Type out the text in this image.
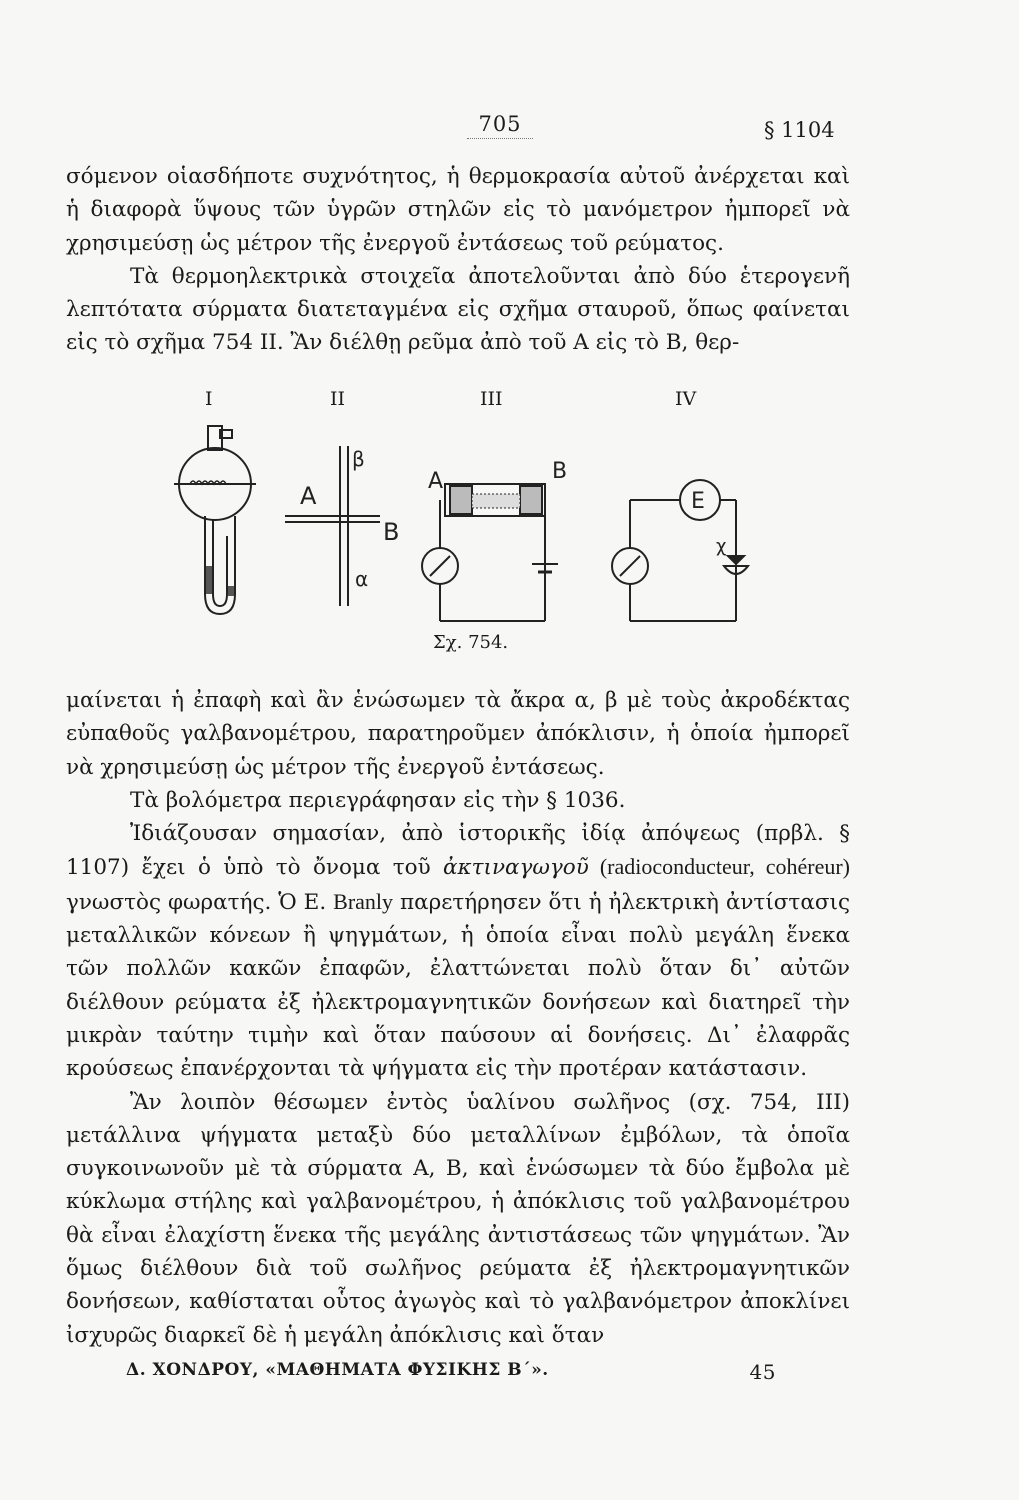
705	§ 1104

σόμενον οἱασδήποτε συχνότητος, ἡ θερμοκρασία αὐτοῦ ἀνέρχεται καὶ ἡ διαφορὰ ὕψους τῶν ὑγρῶν στηλῶν εἰς τὸ μανόμετρον ἠμπορεῖ νὰ χρησιμεύσῃ ὡς μέτρον τῆς ἐνεργοῦ ἐντάσεως τοῦ ρεύματος.

Τὰ θερμοηλεκτρικὰ στοιχεῖα ἀποτελοῦνται ἀπὸ δύο ἑτερογενῆ λεπτότατα σύρματα διατεταγμένα εἰς σχῆμα σταυροῦ, ὅπως φαίνεται εἰς τὸ σχῆμα 754 ΙΙ. Ἂν διέλθῃ ρεῦμα ἀπὸ τοῦ Α εἰς τὸ Β, θερ-

I	II	III	IV
β
A
B
α
A	B
E
χ
Σχ. 754.

μαίνεται ἡ ἐπαφὴ καὶ ἂν ἑνώσωμεν τὰ ἄκρα α, β μὲ τοὺς ἀκροδέκτας εὐπαθοῦς γαλβανομέτρου, παρατηροῦμεν ἀπόκλισιν, ἡ ὁποία ἠμπορεῖ νὰ χρησιμεύσῃ ὡς μέτρον τῆς ἐνεργοῦ ἐντάσεως.

Τὰ βολόμετρα περιεγράφησαν εἰς τὴν § 1036.

Ἰδιάζουσαν σημασίαν, ἀπὸ ἱστορικῆς ἰδίᾳ ἀπόψεως (πρβλ. § 1107) ἔχει ὁ ὑπὸ τὸ ὄνομα τοῦ ἀκτιναγωγοῦ (radioconducteur, cohéreur) γνωστὸς φωρατής. Ὁ Ε. Branly παρετήρησεν ὅτι ἡ ἠλεκτρικὴ ἀντίστασις μεταλλικῶν κόνεων ἢ ψηγμάτων, ἡ ὁποία εἶναι πολὺ μεγάλη ἕνεκα τῶν πολλῶν κακῶν ἐπαφῶν, ἐλαττώνεται πολὺ ὅταν δι᾽ αὐτῶν διέλθουν ρεύματα ἐξ ἠλεκτρομαγνητικῶν δονήσεων καὶ διατηρεῖ τὴν μικρὰν ταύτην τιμὴν καὶ ὅταν παύσουν αἱ δονήσεις. Δι᾽ ἐλαφρᾶς κρούσεως ἐπανέρχονται τὰ ψήγματα εἰς τὴν προτέραν κατάστασιν.

Ἂν λοιπὸν θέσωμεν ἐντὸς ὑαλίνου σωλῆνος (σχ. 754, ΙΙΙ) μετάλλινα ψήγματα μεταξὺ δύο μεταλλίνων ἐμβόλων, τὰ ὁποῖα συγκοινωνοῦν μὲ τὰ σύρματα Α, Β, καὶ ἑνώσωμεν τὰ δύο ἔμβολα μὲ κύκλωμα στήλης καὶ γαλβανομέτρου, ἡ ἀπόκλισις τοῦ γαλβανομέτρου θὰ εἶναι ἐλαχίστη ἕνεκα τῆς μεγάλης ἀντιστάσεως τῶν ψηγμάτων. Ἂν ὅμως διέλθουν διὰ τοῦ σωλῆνος ρεύματα ἐξ ἠλεκτρομαγνητικῶν δονήσεων, καθίσταται οὗτος ἀγωγὸς καὶ τὸ γαλβανόμετρον ἀποκλίνει ἰσχυρῶς διαρκεῖ δὲ ἡ μεγάλη ἀπόκλισις καὶ ὅταν

Δ. ΧΟΝΔΡΟΥ, «ΜΑΘΗΜΑΤΑ ΦΥΣΙΚΗΣ Β΄».	45
